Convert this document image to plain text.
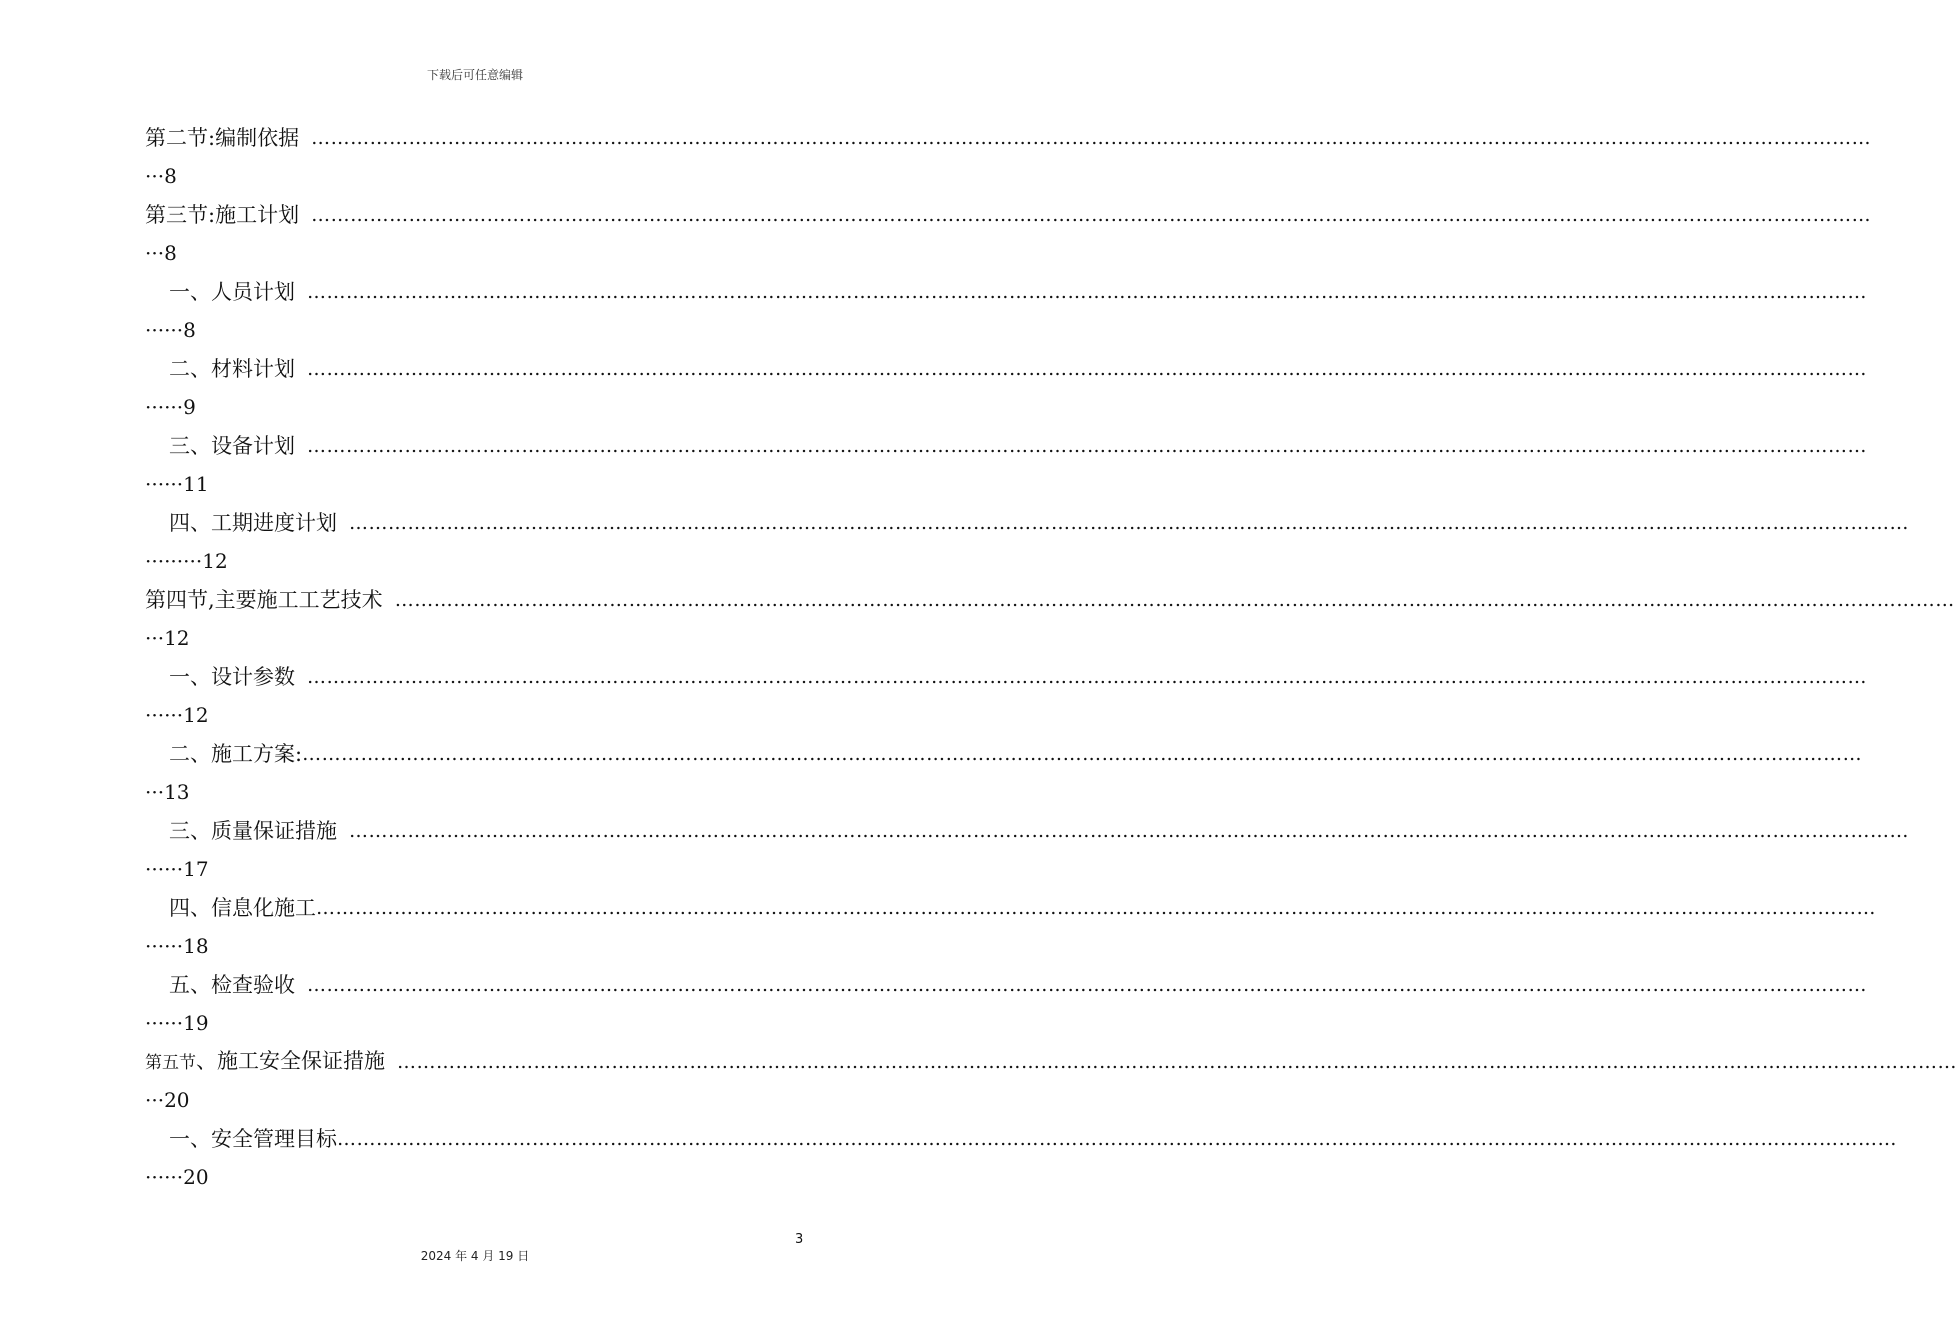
下载后可任意编辑
第二节:编制依据 ……………………………………………………………………………………………………………………………………………………………………………………………………………………
···8
第三节:施工计划 ……………………………………………………………………………………………………………………………………………………………………………………………………………………
···8
一、人员计划 ……………………………………………………………………………………………………………………………………………………………………………………………………………………
······8
二、材料计划 ……………………………………………………………………………………………………………………………………………………………………………………………………………………
······9
三、设备计划 ……………………………………………………………………………………………………………………………………………………………………………………………………………………
······11
四、工期进度计划 ……………………………………………………………………………………………………………………………………………………………………………………………………………………
·········12
第四节,主要施工工艺技术 ……………………………………………………………………………………………………………………………………………………………………………………………………………………
···12
一、设计参数 ……………………………………………………………………………………………………………………………………………………………………………………………………………………
······12
二、施工方案: ……………………………………………………………………………………………………………………………………………………………………………………………………………………
···13
三、质量保证措施 ……………………………………………………………………………………………………………………………………………………………………………………………………………………
······17
四、信息化施工 ……………………………………………………………………………………………………………………………………………………………………………………………………………………
······18
五、检查验收 ……………………………………………………………………………………………………………………………………………………………………………………………………………………
······19
第五节、施工安全保证措施 ……………………………………………………………………………………………………………………………………………………………………………………………………………………
···20
一、安全管理目标 ……………………………………………………………………………………………………………………………………………………………………………………………………………………
······20
3
2024 年 4 月 19 日
